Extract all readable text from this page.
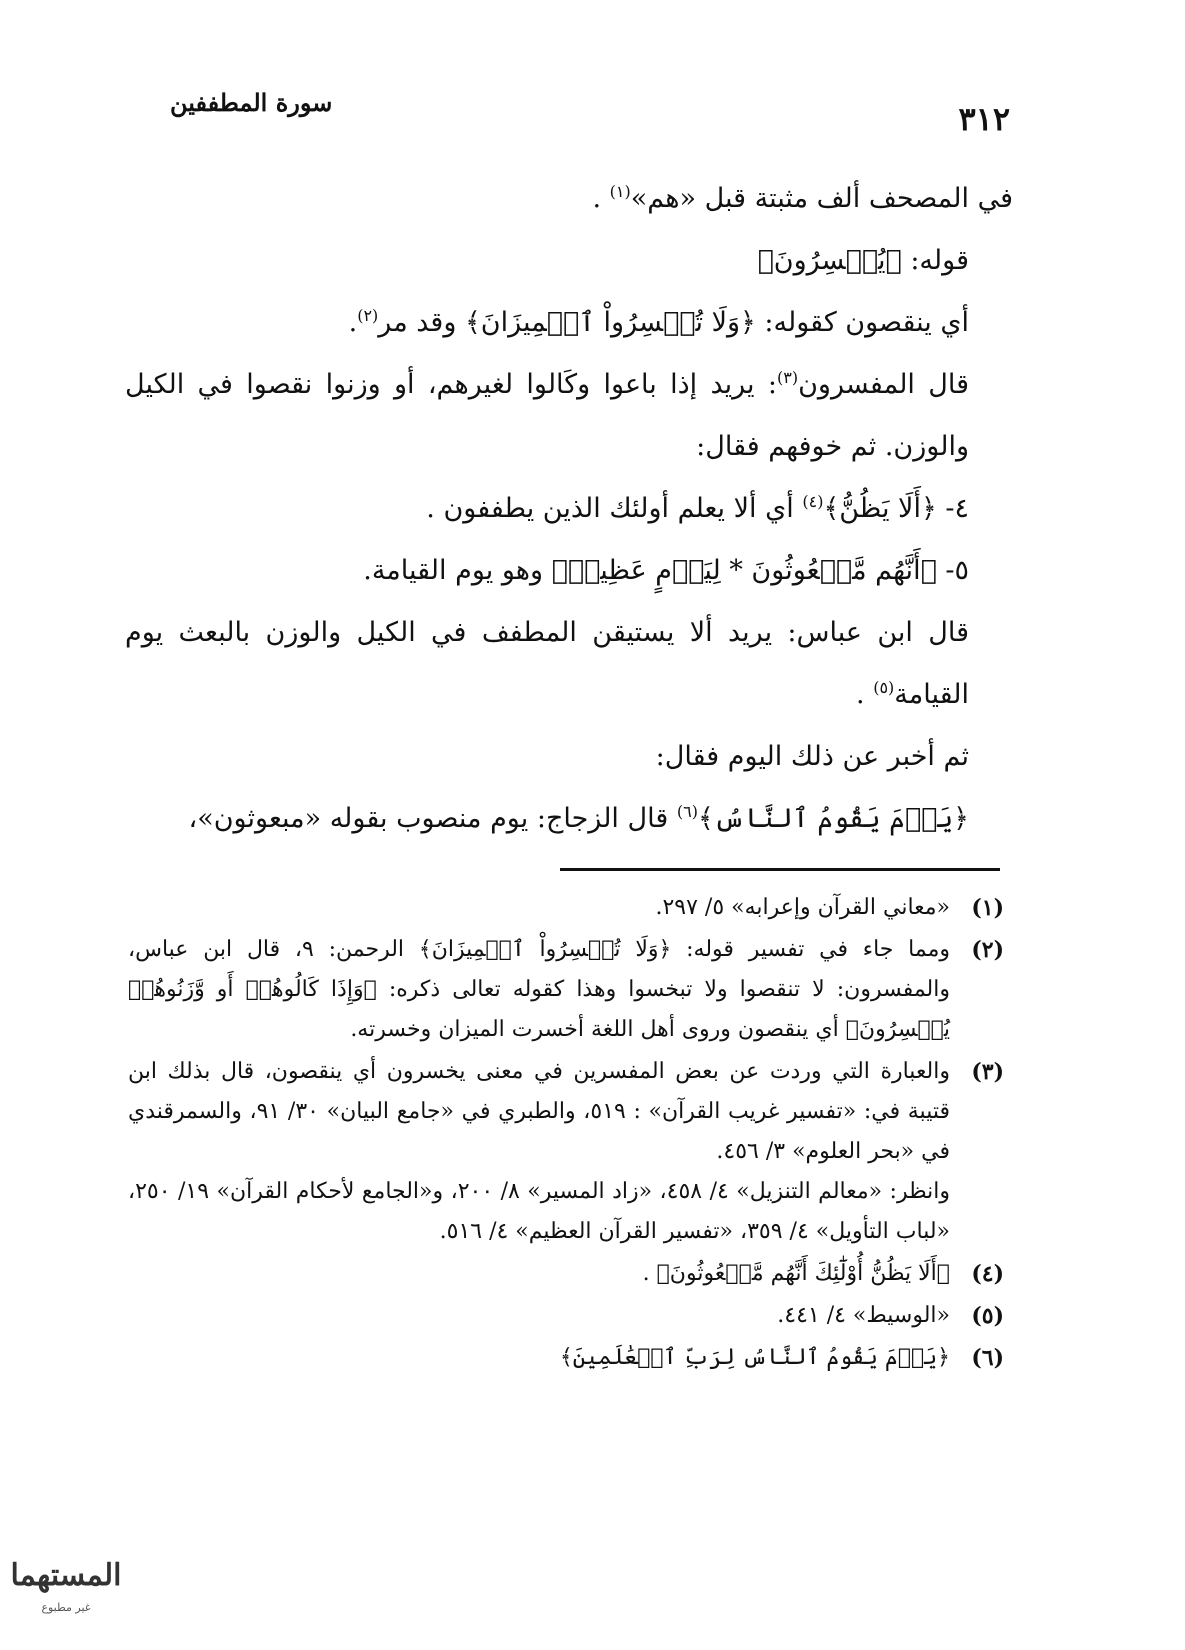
سورة المطففين	٣١٢

في المصحف ألف مثبتة قبل «هم»$^{(١)}$ .

قوله: ﴿يُخۡسِرُونَ﴾

أي ينقصون كقوله: ﴿وَلَا تُخۡسِرُواْ ٱلۡمِيزَانَ﴾ وقد مر$^{(٢)}$.

قال المفسرون$^{(٣)}$: يريد إذا باعوا وكَالوا لغيرهم، أو وزنوا نقصوا في الكيل والوزن. ثم خوفهم فقال:

٤- ﴿أَلَا يَظُنُّ﴾$^{(٤)}$ أي ألا يعلم أولئك الذين يطففون .

٥- ﴿أَنَّهُم مَّبۡعُوثُونَ * لِيَوۡمٍ عَظِيمٖ﴾ وهو يوم القيامة.

قال ابن عباس: يريد ألا يستيقن المطفف في الكيل والوزن بالبعث يوم القيامة$^{(٥)}$ .

ثم أخبر عن ذلك اليوم فقال:

﴿يَوۡمَ يَقُومُ ٱلنَّاسُ﴾$^{(٦)}$ قال الزجاج: يوم منصوب بقوله «مبعوثون»،

(١)

«معاني القرآن وإعرابه» ٥/ ٢٩٧.

(٢)

ومما جاء في تفسير قوله: ﴿وَلَا تُخۡسِرُواْ ٱلۡمِيزَانَ﴾ الرحمن: ٩، قال ابن عباس، والمفسرون: لا تنقصوا ولا تبخسوا وهذا كقوله تعالى ذكره: ﴿وَإِذَا كَالُوهُمۡ أَو وَّزَنُوهُمۡ يُخۡسِرُونَ﴾ أي ينقصون وروى أهل اللغة أخسرت الميزان وخسرته.

(٣)

والعبارة التي وردت عن بعض المفسرين في معنى يخسرون أي ينقصون، قال بذلك ابن قتيبة في: «تفسير غريب القرآن» : ٥١٩، والطبري في «جامع البيان» ٣٠/ ٩١، والسمرقندي في «بحر العلوم» ٣/ ٤٥٦.

وانظر: «معالم التنزيل» ٤/ ٤٥٨، «زاد المسير» ٨/ ٢٠٠، و«الجامع لأحكام القرآن» ١٩/ ٢٥٠، «لباب التأويل» ٤/ ٣٥٩، «تفسير القرآن العظيم» ٤/ ٥١٦.

(٤)

﴿أَلَا يَظُنُّ أُوْلَٰٓئِكَ أَنَّهُم مَّبۡعُوثُونَ﴾ .

(٥)

«الوسيط» ٤/ ٤٤١.

(٦)

﴿يَوۡمَ يَقُومُ ٱلنَّاسُ لِرَبِّ ٱلۡعَٰلَمِينَ﴾

المستهما
غير مطبوع
